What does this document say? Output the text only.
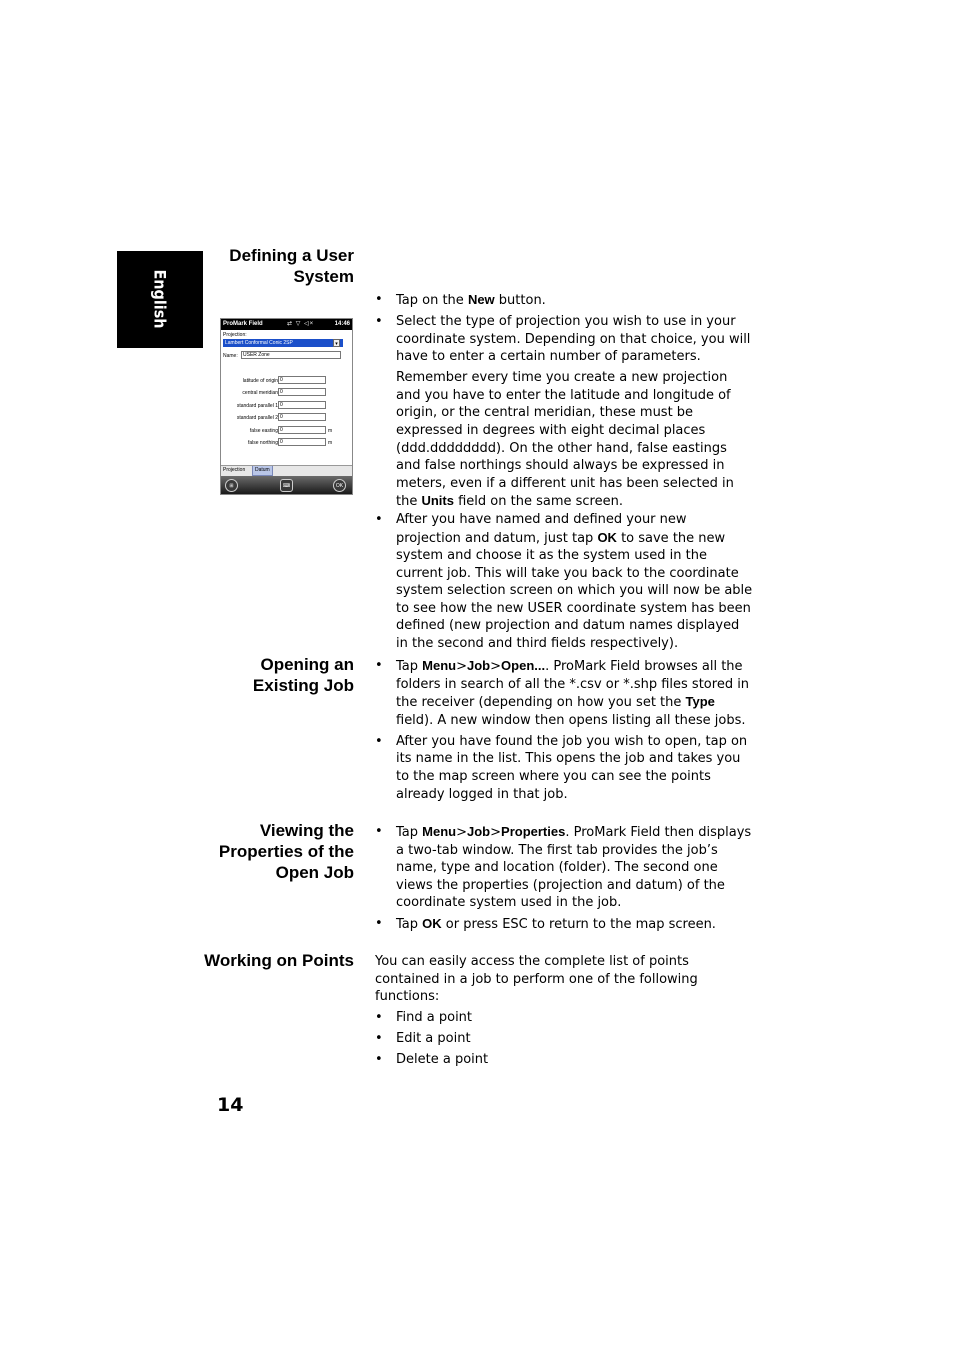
English
Defining a User
System
Opening an
Existing Job
Viewing the
Properties of the
Open Job
Working on Points
ProMark Field	⇄ ▽ ◁×	14:46
Projection:
Lambert Conformal Conic 2SP	▾
Name:	USER Zone
latitude of origin 0
central meridian 0
standard parallel 1 0
standard parallel 2 0
false easting 0	m
false northing 0	m
Projection	Datum
⊞	⌨	OK
• Tap on the New button.
• Select the type of projection you wish to use in your coordinate system. Depending on that choice, you will have to enter a certain number of parameters.

Remember every time you create a new projection and you have to enter the latitude and longitude of origin, or the central meridian, these must be expressed in degrees with eight decimal places (ddd.dddddddd). On the other hand, false eastings and false northings should always be expressed in meters, even if a different unit has been selected in the Units field on the same screen.

• After you have named and defined your new projection and datum, just tap OK to save the new system and choose it as the system used in the current job. This will take you back to the coordinate system selection screen on which you will now be able to see how the new USER coordinate system has been defined (new projection and datum names displayed in the second and third fields respectively).
• Tap Menu>Job>Open.... ProMark Field browses all the folders in search of all the *.csv or *.shp files stored in the receiver (depending on how you set the Type field). A new window then opens listing all these jobs.
• After you have found the job you wish to open, tap on its name in the list. This opens the job and takes you to the map screen where you can see the points already logged in that job.
• Tap Menu>Job>Properties. ProMark Field then displays a two-tab window. The first tab provides the job’s name, type and location (folder). The second one views the properties (projection and datum) of the coordinate system used in the job.
• Tap OK or press ESC to return to the map screen.

You can easily access the complete list of points contained in a job to perform one of the following functions:

• Find a point
• Edit a point
• Delete a point
14
